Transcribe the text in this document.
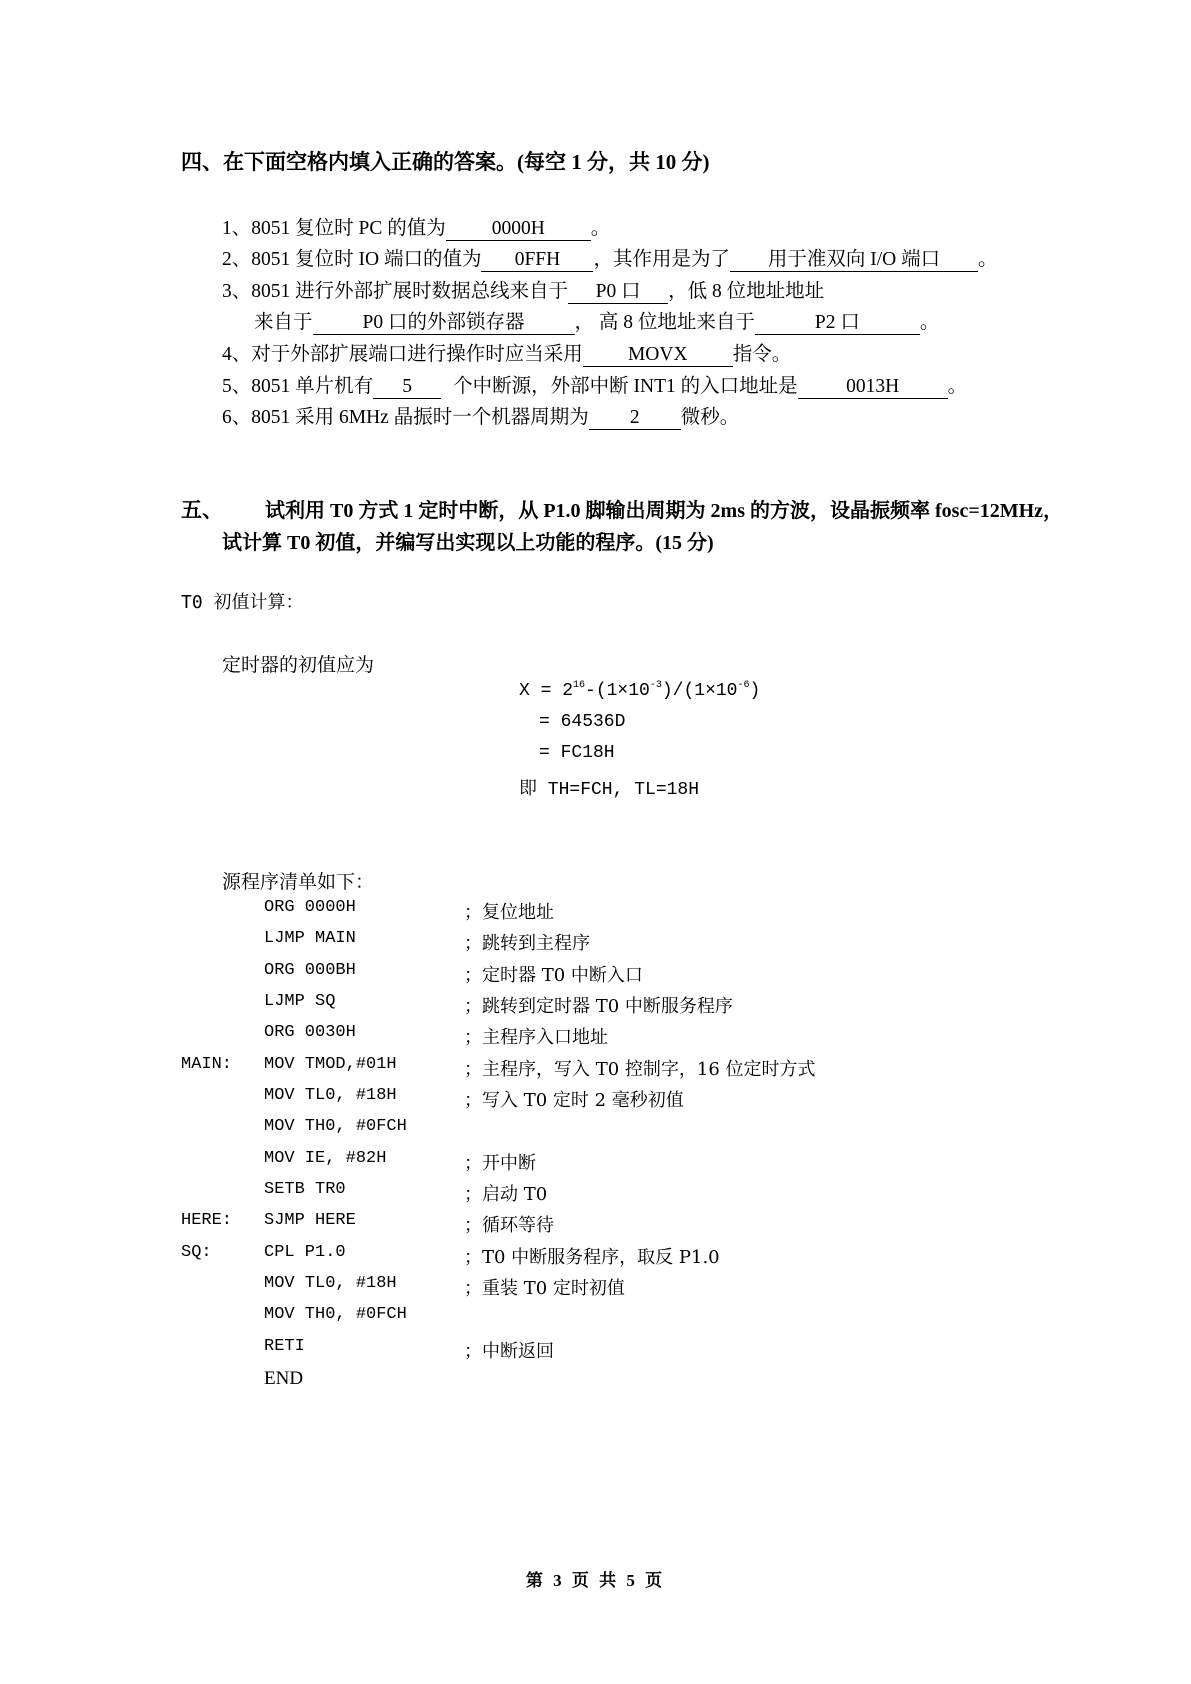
四、在下面空格内填入正确的答案。(每空 1 分，共 10 分)
1、8051 复位时 PC 的值为 0000H 。
2、8051 复位时 IO 端口的值为 0FFH ，其作用是为了 用于准双向 I/O 端口 。
3、8051 进行外部扩展时数据总线来自于 P0 口 ，低 8 位地址地址
来自于	P0 口的外部锁存器	， 高 8 位地址来自于	P2 口	。
4、对于外部扩展端口进行操作时应当采用 MOVX 指令。
5、8051 单片机有 5 个中断源，外部中断 INT1 的入口地址是 0013H 。
6、8051 采用 6MHz 晶振时一个机器周期为 2 微秒。
五、 试利用 T0 方式 1 定时中断，从 P1.0 脚输出周期为 2ms 的方波，设晶振频率 fosc=12MHz，
试计算 T0 初值，并编写出实现以上功能的程序。(15 分)
T0 初值计算：
定时器的初值应为
$X = 2^{16}-(1\times 10^{-3})/(1\times 10^{-6})$
= 64536D
= FC18H
即 TH=FCH, TL=18H
源程序清单如下：
ORG 0000H	；复位地址
LJMP MAIN	；跳转到主程序
ORG 000BH	；定时器 T0 中断入口
LJMP SQ	；跳转到定时器 T0 中断服务程序
ORG 0030H	；主程序入口地址
MAIN: MOV TMOD,#01H	；主程序，写入 T0 控制字，16 位定时方式
MOV TL0, #18H	；写入 T0 定时 2 毫秒初值
MOV TH0, #0FCH
MOV IE, #82H	；开中断
SETB TR0	；启动 T0
HERE: SJMP HERE	；循环等待
SQ:	CPL P1.0	；T0 中断服务程序，取反 P1.0
MOV TL0, #18H	；重装 T0 定时初值
MOV TH0, #0FCH
RETI	；中断返回
END
第 3 页 共 5 页
